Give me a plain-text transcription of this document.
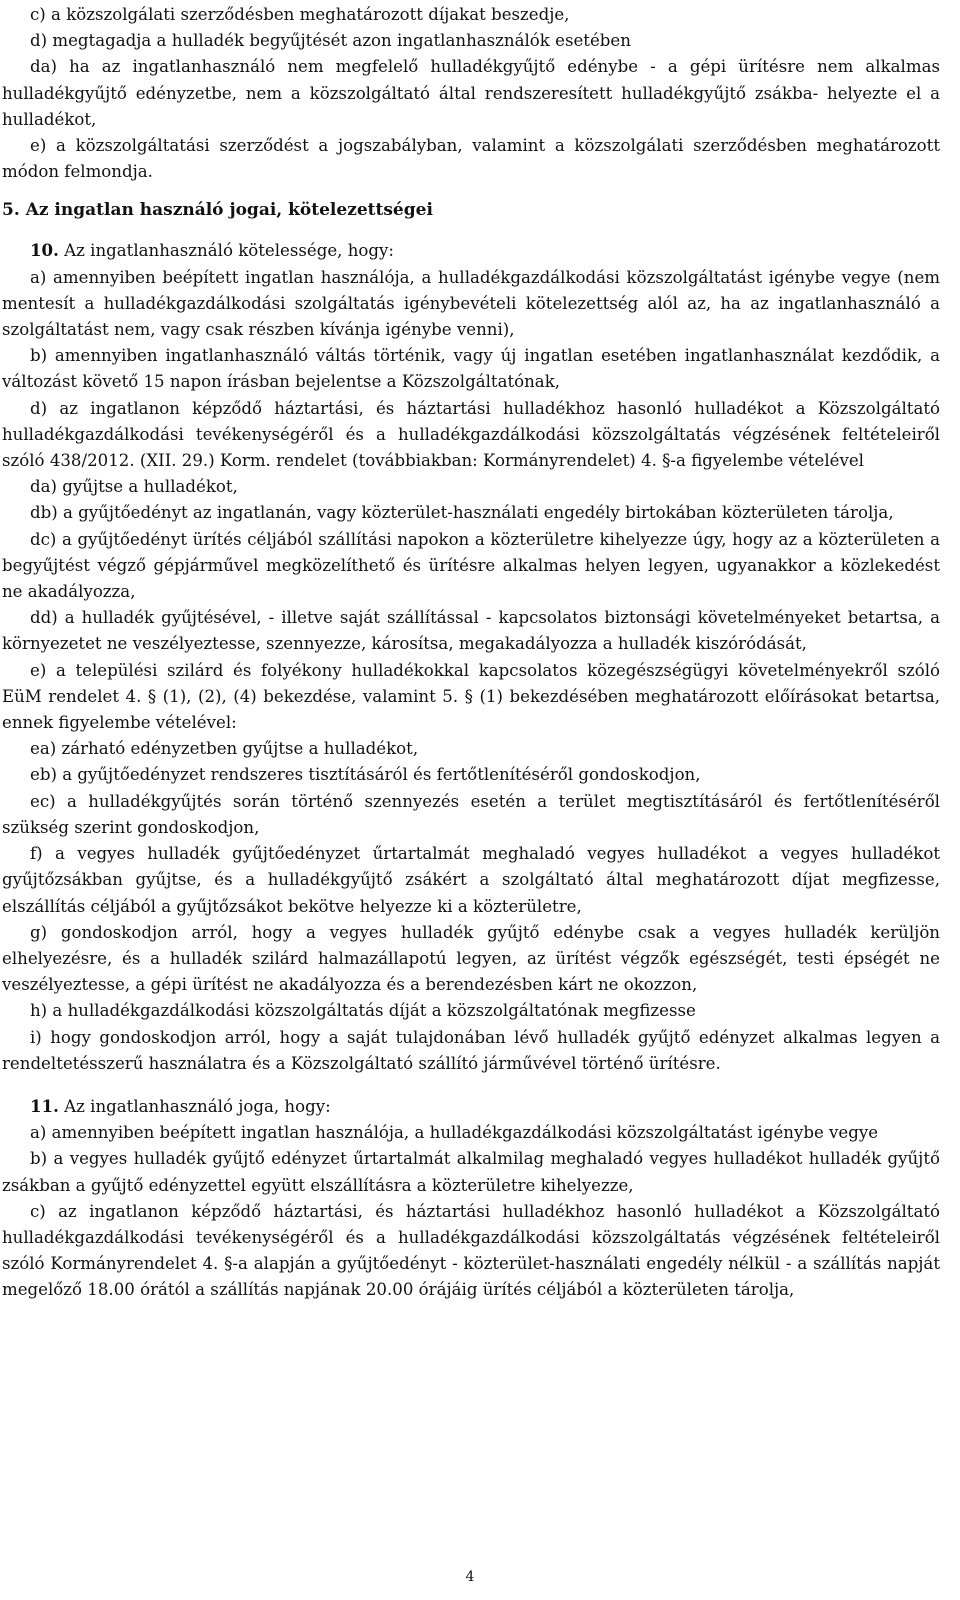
c) a közszolgálati szerződésben meghatározott díjakat beszedje,

d) megtagadja a hulladék begyűjtését azon ingatlanhasználók esetében

da) ha az ingatlanhasználó nem megfelelő hulladékgyűjtő edénybe - a gépi ürítésre nem alkalmas hulladékgyűjtő edényzetbe, nem a közszolgáltató által rendszeresített hulladékgyűjtő zsákba- helyezte el a hulladékot,

e) a közszolgáltatási szerződést a jogszabályban, valamint a közszolgálati szerződésben meghatározott módon felmondja.

5. Az ingatlan használó jogai, kötelezettségei

10. Az ingatlanhasználó kötelessége, hogy:

a) amennyiben beépített ingatlan használója, a hulladékgazdálkodási közszolgáltatást igénybe vegye (nem mentesít a hulladékgazdálkodási szolgáltatás igénybevételi kötelezettség alól az, ha az ingatlanhasználó a szolgáltatást nem, vagy csak részben kívánja igénybe venni),

b) amennyiben ingatlanhasználó váltás történik, vagy új ingatlan esetében ingatlanhasználat kezdődik, a változást követő 15 napon írásban bejelentse a Közszolgáltatónak,

d) az ingatlanon képződő háztartási, és háztartási hulladékhoz hasonló hulladékot a Közszolgáltató hulladékgazdálkodási tevékenységéről és a hulladékgazdálkodási közszolgáltatás végzésének feltételeiről szóló 438/2012. (XII. 29.) Korm. rendelet (továbbiakban: Kormányrendelet) 4. §-a figyelembe vételével

da) gyűjtse a hulladékot,

db) a gyűjtőedényt az ingatlanán, vagy közterület-használati engedély birtokában közterületen tárolja,

dc) a gyűjtőedényt ürítés céljából szállítási napokon a közterületre kihelyezze úgy, hogy az a közterületen a begyűjtést végző gépjárművel megközelíthető és ürítésre alkalmas helyen legyen, ugyanakkor a közlekedést ne akadályozza,

dd) a hulladék gyűjtésével, - illetve saját szállítással - kapcsolatos biztonsági követelményeket betartsa, a környezetet ne veszélyeztesse, szennyezze, károsítsa, megakadályozza a hulladék kiszóródását,

e) a települési szilárd és folyékony hulladékokkal kapcsolatos közegészségügyi követelményekről szóló EüM rendelet 4. § (1), (2), (4) bekezdése, valamint 5. § (1) bekezdésében meghatározott előírásokat betartsa, ennek figyelembe vételével:

ea) zárható edényzetben gyűjtse a hulladékot,

eb) a gyűjtőedényzet rendszeres tisztításáról és fertőtlenítéséről gondoskodjon,

ec) a hulladékgyűjtés során történő szennyezés esetén a terület megtisztításáról és fertőtlenítéséről szükség szerint gondoskodjon,

f) a vegyes hulladék gyűjtőedényzet űrtartalmát meghaladó vegyes hulladékot a vegyes hulladékot gyűjtőzsákban gyűjtse, és a hulladékgyűjtő zsákért a szolgáltató által meghatározott díjat megfizesse, elszállítás céljából a gyűjtőzsákot bekötve helyezze ki a közterületre,

g) gondoskodjon arról, hogy a vegyes hulladék gyűjtő edénybe csak a vegyes hulladék kerüljön elhelyezésre, és a hulladék szilárd halmazállapotú legyen, az ürítést végzők egészségét, testi épségét ne veszélyeztesse, a gépi ürítést ne akadályozza és a berendezésben kárt ne okozzon,

h) a hulladékgazdálkodási közszolgáltatás díját a közszolgáltatónak megfizesse

i) hogy gondoskodjon arról, hogy a saját tulajdonában lévő hulladék gyűjtő edényzet alkalmas legyen a rendeltetésszerű használatra és a Közszolgáltató szállító járművével történő ürítésre.

11. Az ingatlanhasználó joga, hogy:

a) amennyiben beépített ingatlan használója, a hulladékgazdálkodási közszolgáltatást igénybe vegye

b) a vegyes hulladék gyűjtő edényzet űrtartalmát alkalmilag meghaladó vegyes hulladékot hulladék gyűjtő zsákban a gyűjtő edényzettel együtt elszállításra a közterületre kihelyezze,

c) az ingatlanon képződő háztartási, és háztartási hulladékhoz hasonló hulladékot a Közszolgáltató hulladékgazdálkodási tevékenységéről és a hulladékgazdálkodási közszolgáltatás végzésének feltételeiről szóló Kormányrendelet 4. §-a alapján a gyűjtőedényt - közterület-használati engedély nélkül - a szállítás napját megelőző 18.00 órától a szállítás napjának 20.00 órájáig ürítés céljából a közterületen tárolja,

4
